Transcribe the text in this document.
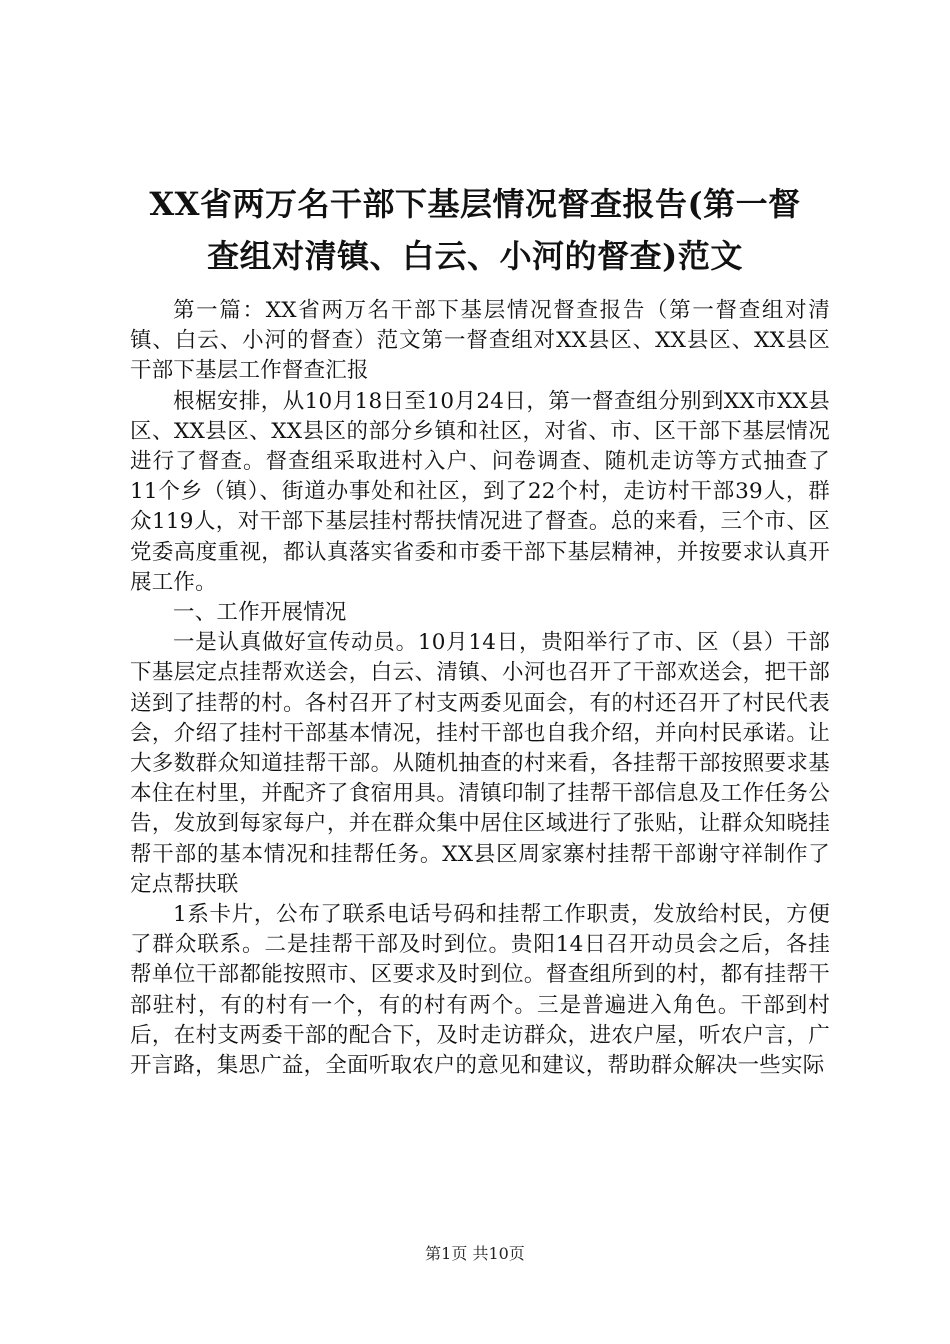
XX省两万名干部下基层情况督查报告(第一督
查组对清镇、白云、小河的督查)范文

第一篇：XX省两万名干部下基层情况督查报告（第一督查组对清镇、白云、小河的督查）范文第一督查组对XX县区、XX县区、XX县区干部下基层工作督查汇报

根椐安排，从10月18日至10月24日，第一督查组分别到XX市XX县区、XX县区、XX县区的部分乡镇和社区，对省、市、区干部下基层情况进行了督查。督查组采取进村入户、问卷调查、随机走访等方式抽查了11个乡（镇）、街道办事处和社区，到了22个村，走访村干部39人，群众119人，对干部下基层挂村帮扶情况进了督查。总的来看，三个市、区党委高度重视，都认真落实省委和市委干部下基层精神，并按要求认真开展工作。

一、工作开展情况

一是认真做好宣传动员。10月14日，贵阳举行了市、区（县）干部下基层定点挂帮欢送会，白云、清镇、小河也召开了干部欢送会，把干部送到了挂帮的村。各村召开了村支两委见面会，有的村还召开了村民代表会，介绍了挂村干部基本情况，挂村干部也自我介绍，并向村民承诺。让大多数群众知道挂帮干部。从随机抽查的村来看，各挂帮干部按照要求基本住在村里，并配齐了食宿用具。清镇印制了挂帮干部信息及工作任务公告，发放到每家每户，并在群众集中居住区域进行了张贴，让群众知晓挂帮干部的基本情况和挂帮任务。XX县区周家寨村挂帮干部谢守祥制作了定点帮扶联

1系卡片，公布了联系电话号码和挂帮工作职责，发放给村民，方便了群众联系。二是挂帮干部及时到位。贵阳14日召开动员会之后，各挂帮单位干部都能按照市、区要求及时到位。督查组所到的村，都有挂帮干部驻村，有的村有一个，有的村有两个。三是普遍进入角色。干部到村后，在村支两委干部的配合下，及时走访群众，进农户屋，听农户言，广开言路，集思广益，全面听取农户的意见和建议，帮助群众解决一些实际

第1页 共10页
